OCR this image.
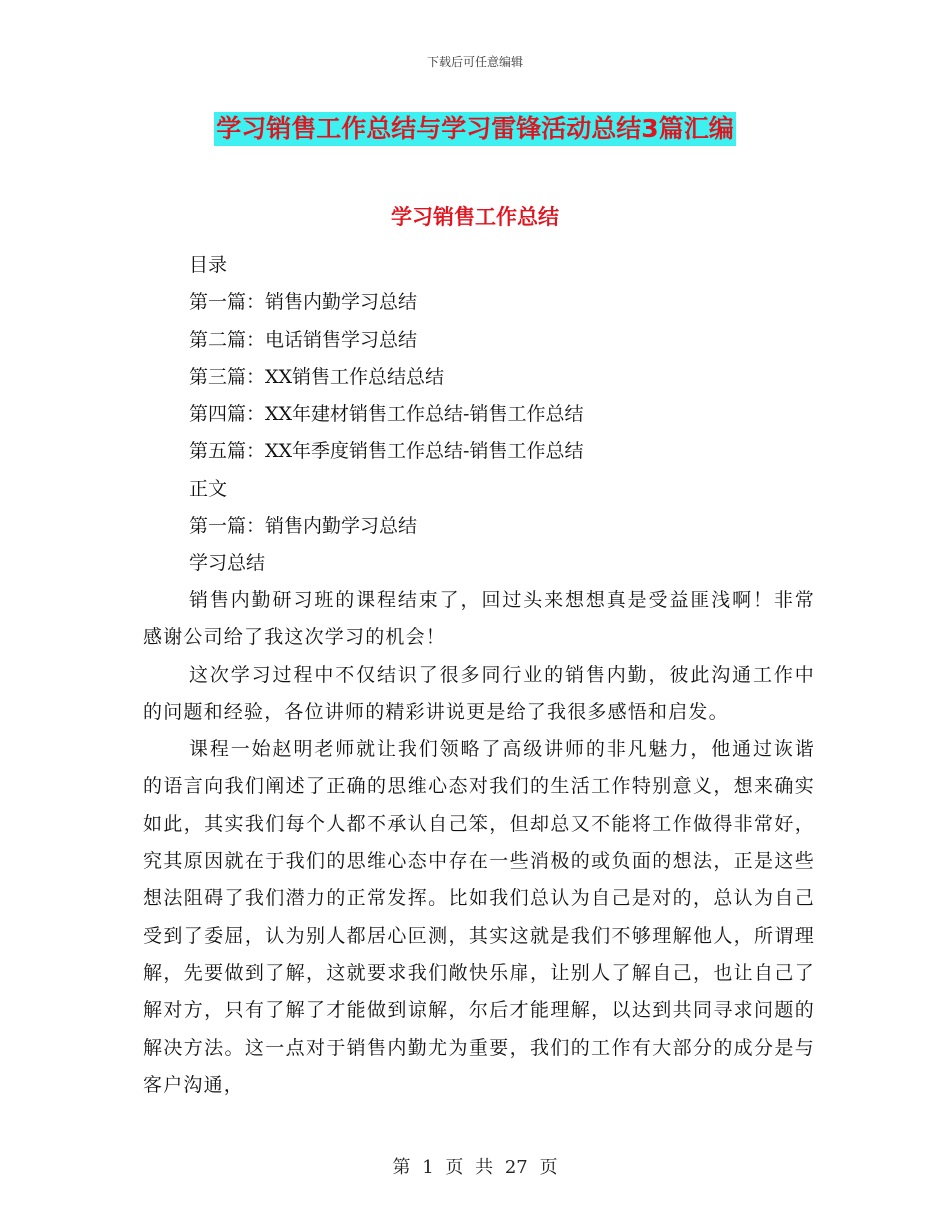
下载后可任意编辑
学习销售工作总结与学习雷锋活动总结3篇汇编
学习销售工作总结
目录
第一篇：销售内勤学习总结
第二篇：电话销售学习总结
第三篇：XX销售工作总结总结
第四篇：XX年建材销售工作总结-销售工作总结
第五篇：XX年季度销售工作总结-销售工作总结
正文
第一篇：销售内勤学习总结
学习总结

销售内勤研习班的课程结束了，回过头来想想真是受益匪浅啊！非常感谢公司给了我这次学习的机会！

这次学习过程中不仅结识了很多同行业的销售内勤，彼此沟通工作中的问题和经验，各位讲师的精彩讲说更是给了我很多感悟和启发。

课程一始赵明老师就让我们领略了高级讲师的非凡魅力，他通过诙谐的语言向我们阐述了正确的思维心态对我们的生活工作特别意义，想来确实如此，其实我们每个人都不承认自己笨，但却总又不能将工作做得非常好，究其原因就在于我们的思维心态中存在一些消极的或负面的想法，正是这些想法阻碍了我们潜力的正常发挥。比如我们总认为自己是对的，总认为自己受到了委屈，认为别人都居心叵测，其实这就是我们不够理解他人，所谓理解，先要做到了解，这就要求我们敞快乐扉，让别人了解自己，也让自己了解对方，只有了解了才能做到谅解，尔后才能理解，以达到共同寻求问题的解决方法。这一点对于销售内勤尤为重要，我们的工作有大部分的成分是与客户沟通，

第 1 页 共 27 页
